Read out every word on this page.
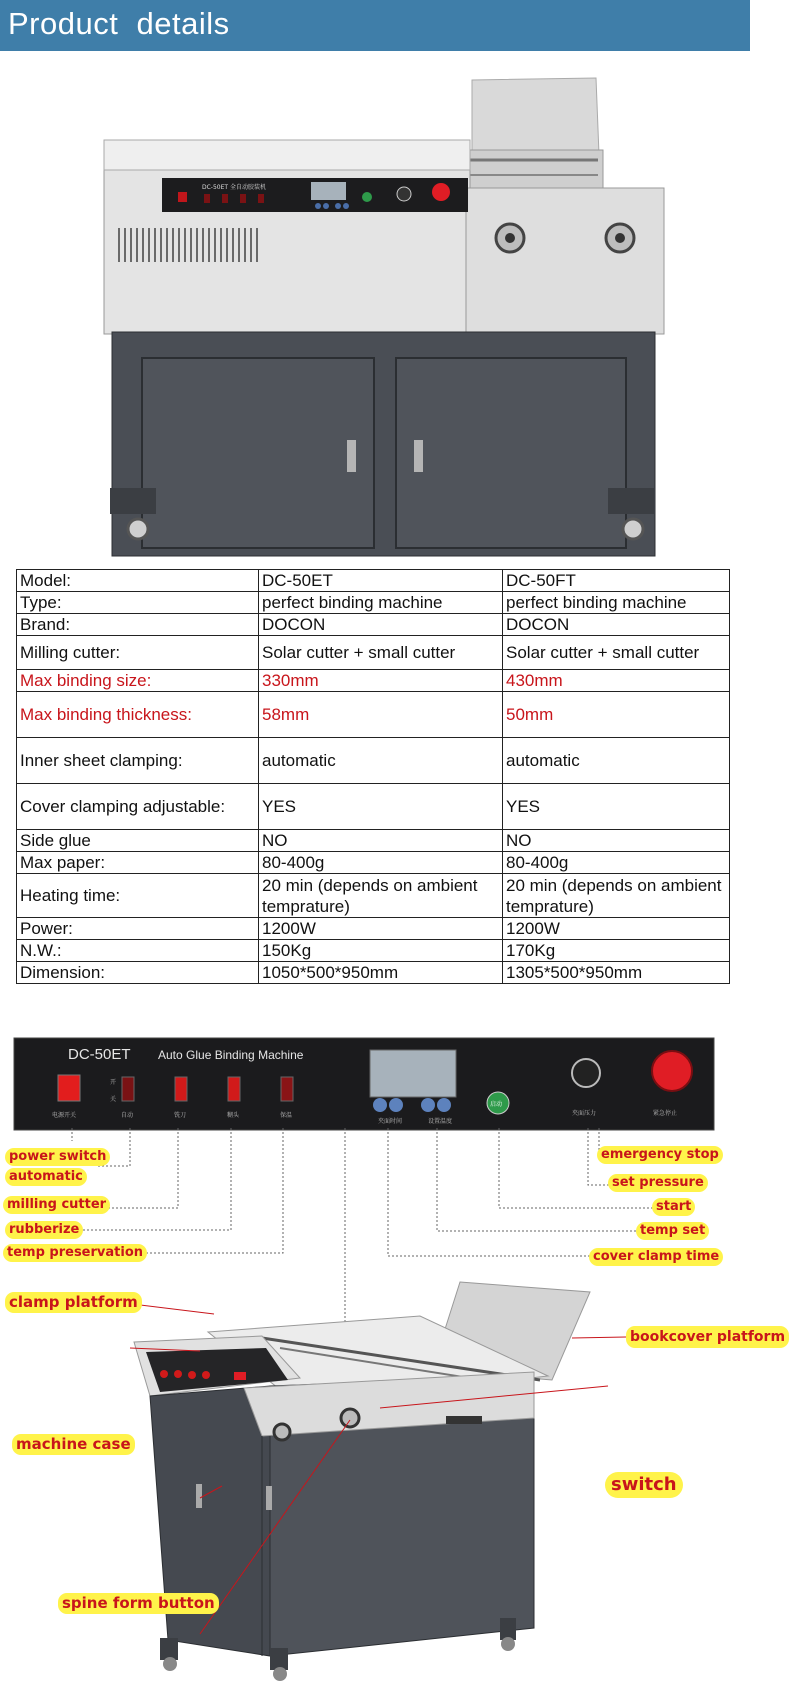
Product  details
DC-50ET 全自动胶装机
Model:	DC-50ET	DC-50FT
Type:	perfect binding machine	perfect binding machine
Brand:	DOCON	DOCON
Milling cutter:	Solar cutter + small cutter	Solar cutter + small cutter
Max binding size:	330mm	430mm
Max binding thickness:	58mm	50mm
Inner sheet clamping:	automatic	automatic
Cover clamping adjustable:	YES	YES
Side glue	NO	NO
Max paper:	80-400g	80-400g
Heating time:	20 min (depends on ambient temprature)	20 min (depends on ambient temprature)
Power:	1200W	1200W
N.W.:	150Kg	170Kg
Dimension:	1050*500*950mm	1305*500*950mm
DC-50ET Auto Glue Binding Machine
电源开关	自动	铣刀	糊头	保温
开
关
夹面时间	设置温度
启动
夹面压力	紧急停止
power switch
automatic
milling cutter
rubberize
temp preservation
emergency stop
set pressure
start
temp set
cover clamp time
clamp platform
bookcover platform
machine case
switch
spine form button
